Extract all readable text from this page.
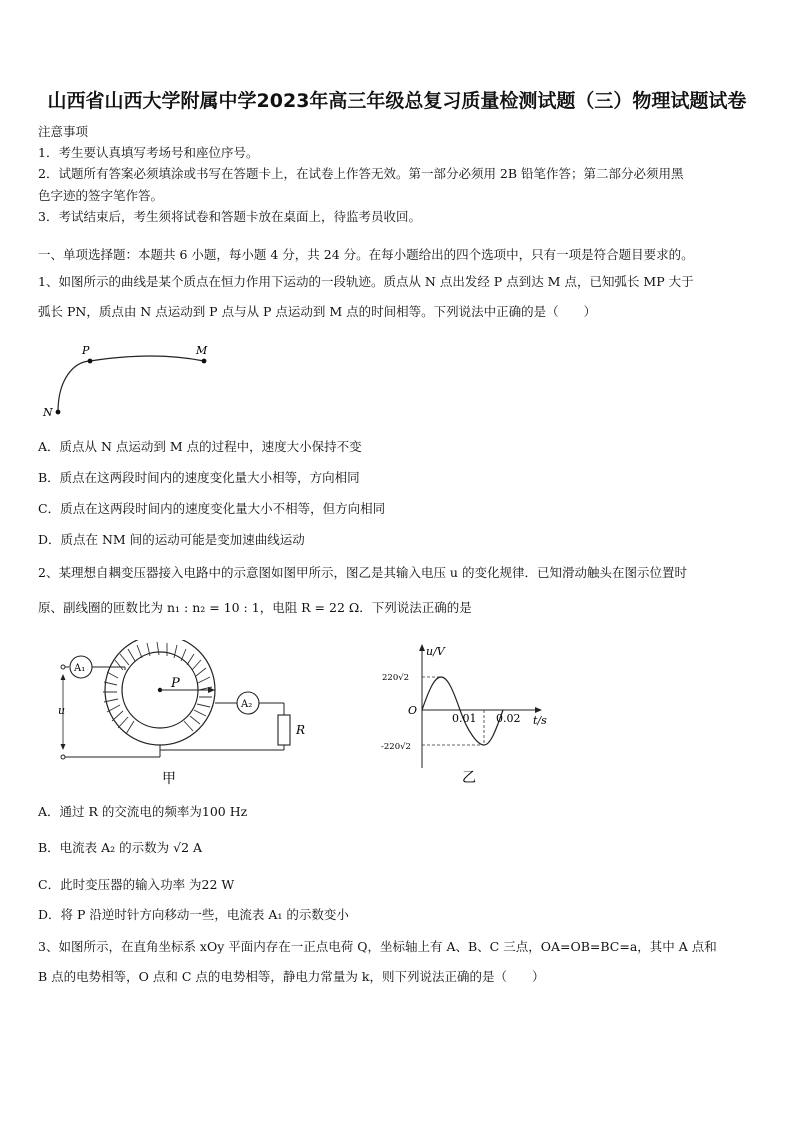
山西省山西大学附属中学2023年高三年级总复习质量检测试题（三）物理试题试卷
注意事项
1．考生要认真填写考场号和座位序号。
2．试题所有答案必须填涂或书写在答题卡上，在试卷上作答无效。第一部分必须用 2B 铅笔作答；第二部分必须用黑
色字迹的签字笔作答。
3．考试结束后，考生须将试卷和答题卡放在桌面上，待监考员收回。
一、单项选择题：本题共 6 小题，每小题 4 分，共 24 分。在每小题给出的四个选项中，只有一项是符合题目要求的。
1、如图所示的曲线是某个质点在恒力作用下运动的一段轨迹。质点从 N 点出发经 P 点到达 M 点，已知弧长 MP 大于
弧长 PN，质点由 N 点运动到 P 点与从 P 点运动到 M 点的时间相等。下列说法中正确的是（　　）
P	M
N
A．质点从 N 点运动到 M 点的过程中，速度大小保持不变
B．质点在这两段时间内的速度变化量大小相等，方向相同
C．质点在这两段时间内的速度变化量大小不相等，但方向相同
D．质点在 NM 间的运动可能是变加速曲线运动
2、某理想自耦变压器接入电路中的示意图如图甲所示，图乙是其输入电压 u 的变化规律．已知滑动触头在图示位置时
原、副线圈的匝数比为 n₁ : n₂ = 10 : 1，电阻 R = 22 Ω．下列说法正确的是
A₁
u
P
A₂
R
甲
u/V
t/s
O
220√2
-220√2
0.01 0.02
乙
A．通过 R 的交流电的频率为100 Hz
B．电流表 A₂ 的示数为 √2 A
C．此时变压器的输入功率 为22 W
D．将 P 沿逆时针方向移动一些，电流表 A₁ 的示数变小
3、如图所示，在直角坐标系 xOy 平面内存在一正点电荷 Q，坐标轴上有 A、B、C 三点，OA=OB=BC=a，其中 A 点和
B 点的电势相等，O 点和 C 点的电势相等，静电力常量为 k，则下列说法正确的是（　　）
